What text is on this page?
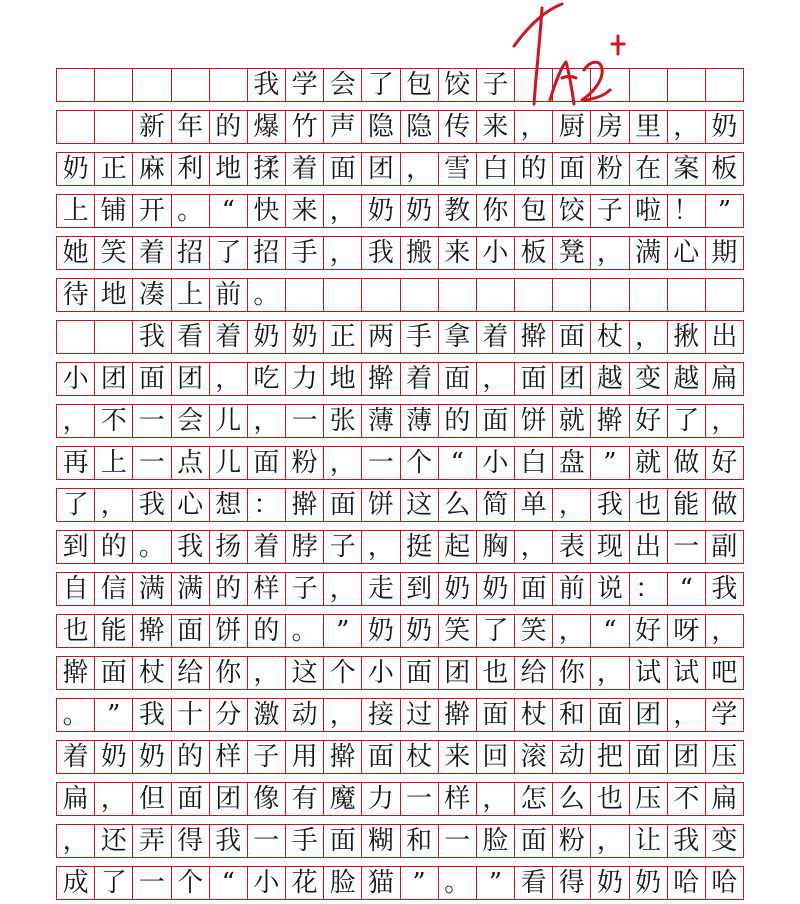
我 学 会 了 包 饺 子
新 年 的 爆 竹 声 隐 隐 传 来 ， 厨 房 里 ， 奶
奶 正 麻 利 地 揉 着 面 团 ， 雪 白 的 面 粉 在 案 板
上 铺 开 。 “ 快 来 ， 奶 奶 教 你 包 饺 子 啦 ！ ”
她 笑 着 招 了 招 手 ， 我 搬 来 小 板 凳 ， 满 心 期
待 地 凑 上 前 。
我 看 着 奶 奶 正 两 手 拿 着 擀 面 杖 ， 揪 出
小 团 面 团 ， 吃 力 地 擀 着 面 ， 面 团 越 变 越 扁
， 不 一 会 儿 ， 一 张 薄 薄 的 面 饼 就 擀 好 了 ，
再 上 一 点 儿 面 粉 ， 一 个 “ 小 白 盘 ” 就 做 好
了 ， 我 心 想 ： 擀 面 饼 这 么 简 单 ， 我 也 能 做
到 的 。 我 扬 着 脖 子 ， 挺 起 胸 ， 表 现 出 一 副
自 信 满 满 的 样 子 ， 走 到 奶 奶 面 前 说 ： “ 我
也 能 擀 面 饼 的 。 ” 奶 奶 笑 了 笑 ， “ 好 呀 ，
擀 面 杖 给 你 ， 这 个 小 面 团 也 给 你 ， 试 试 吧
。 ” 我 十 分 激 动 ， 接 过 擀 面 杖 和 面 团 ， 学
着 奶 奶 的 样 子 用 擀 面 杖 来 回 滚 动 把 面 团 压
扁 ， 但 面 团 像 有 魔 力 一 样 ， 怎 么 也 压 不 扁
， 还 弄 得 我 一 手 面 糊 和 一 脸 面 粉 ， 让 我 变
成 了 一 个 “ 小 花 脸 猫 ” 。 ” 看 得 奶 奶 哈 哈
